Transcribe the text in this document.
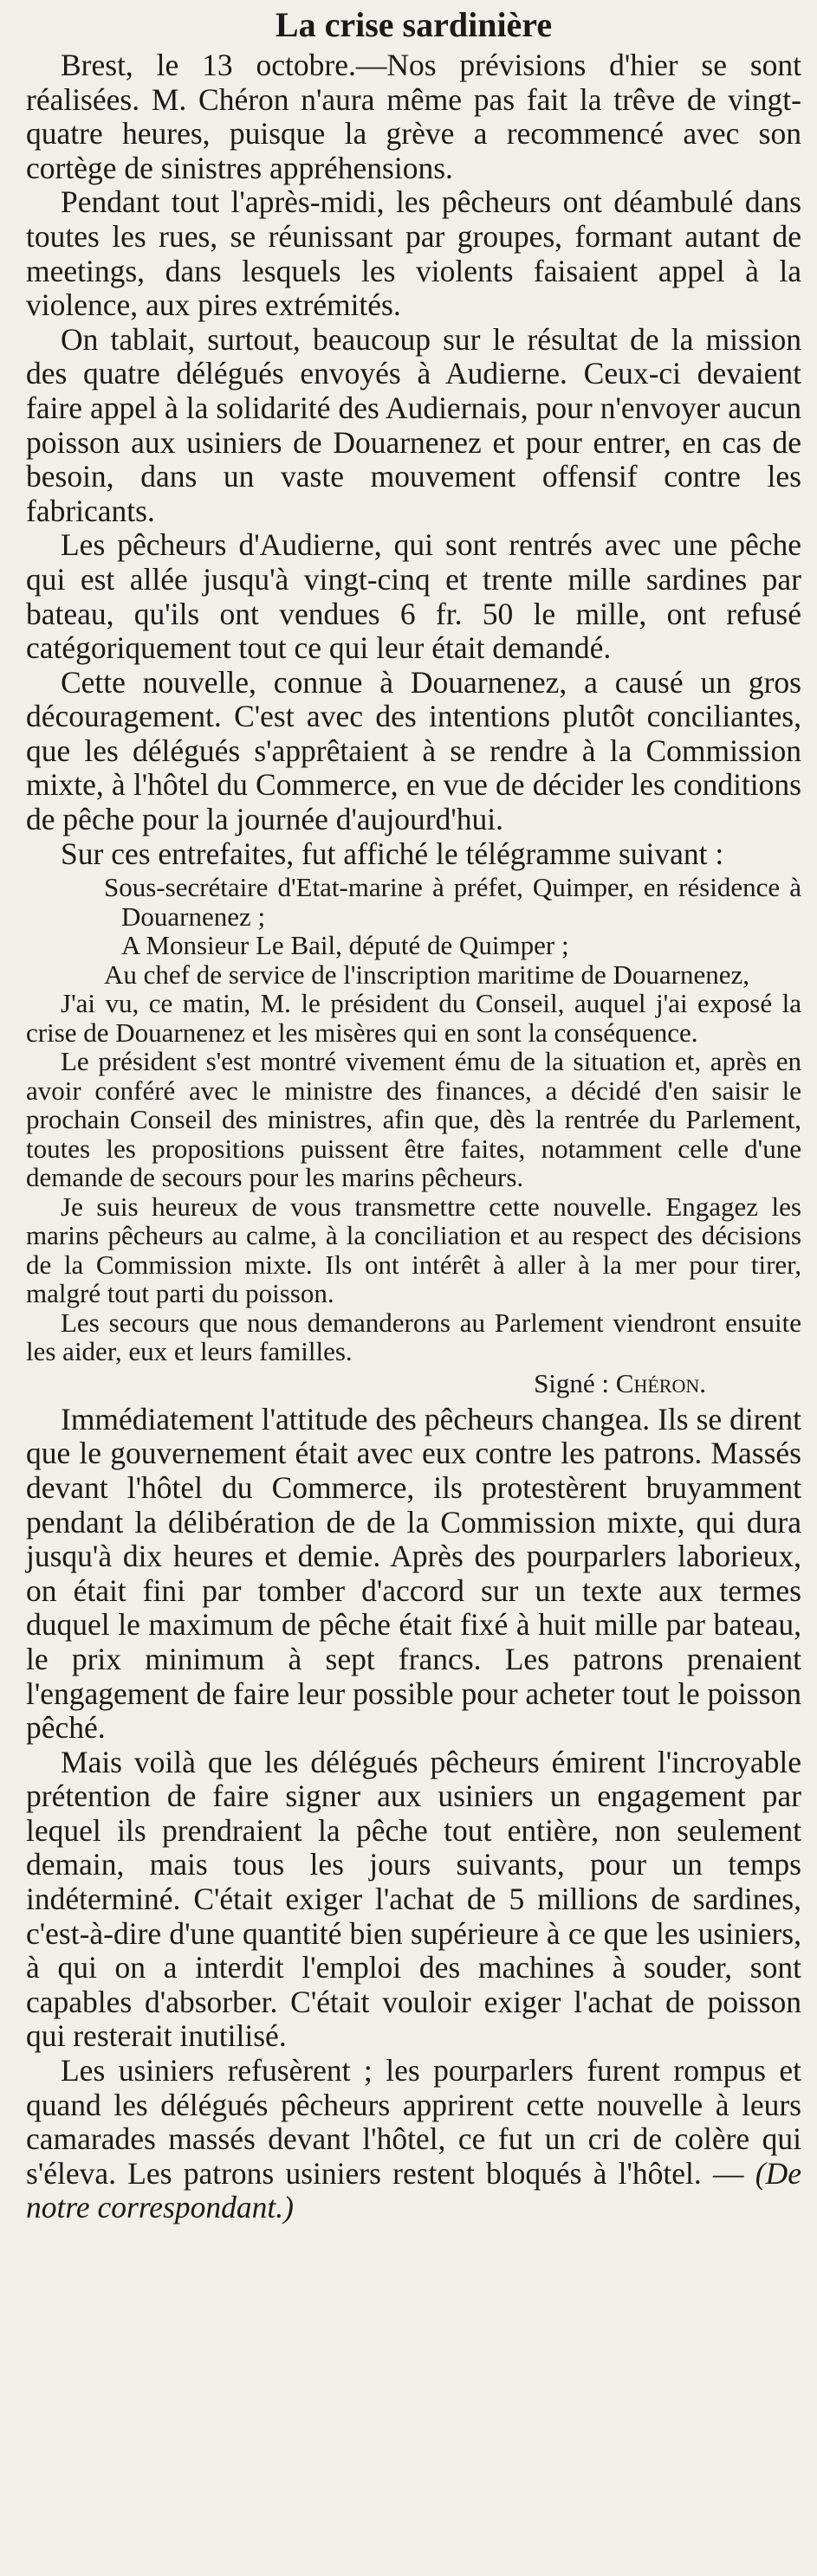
La crise sardinière

Brest, le 13 octobre.—Nos prévisions d'hier se sont réalisées. M. Chéron n'aura même pas fait la trêve de vingt-quatre heures, puisque la grève a recommencé avec son cortège de sinistres appréhensions.

Pendant tout l'après-midi, les pêcheurs ont déambulé dans toutes les rues, se réunissant par groupes, formant autant de meetings, dans lesquels les violents faisaient appel à la violence, aux pires extrémités.

On tablait, surtout, beaucoup sur le résultat de la mission des quatre délégués envoyés à Audierne. Ceux-ci devaient faire appel à la solidarité des Audiernais, pour n'envoyer aucun poisson aux usiniers de Douarnenez et pour entrer, en cas de besoin, dans un vaste mouvement offensif contre les fabricants.

Les pêcheurs d'Audierne, qui sont rentrés avec une pêche qui est allée jusqu'à vingt-cinq et trente mille sardines par bateau, qu'ils ont vendues 6 fr. 50 le mille, ont refusé catégoriquement tout ce qui leur était demandé.

Cette nouvelle, connue à Douarnenez, a causé un gros découragement. C'est avec des intentions plutôt conciliantes, que les délégués s'apprêtaient à se rendre à la Commission mixte, à l'hôtel du Commerce, en vue de décider les conditions de pêche pour la journée d'aujourd'hui.

Sur ces entrefaites, fut affiché le télégramme suivant :

Sous-secrétaire d'Etat-marine à préfet, Quimper, en résidence à Douarnenez ;

A Monsieur Le Bail, député de Quimper ;

Au chef de service de l'inscription maritime de Douarnenez,

J'ai vu, ce matin, M. le président du Conseil, auquel j'ai exposé la crise de Douarnenez et les misères qui en sont la conséquence.

Le président s'est montré vivement ému de la situation et, après en avoir conféré avec le ministre des finances, a décidé d'en saisir le prochain Conseil des ministres, afin que, dès la rentrée du Parlement, toutes les propositions puissent être faites, notamment celle d'une demande de secours pour les marins pêcheurs.

Je suis heureux de vous transmettre cette nouvelle. Engagez les marins pêcheurs au calme, à la conciliation et au respect des décisions de la Commission mixte. Ils ont intérêt à aller à la mer pour tirer, malgré tout parti du poisson.

Les secours que nous demanderons au Parlement viendront ensuite les aider, eux et leurs familles.

Signé : Chéron.

Immédiatement l'attitude des pêcheurs changea. Ils se dirent que le gouvernement était avec eux contre les patrons. Massés devant l'hôtel du Commerce, ils protestèrent bruyamment pendant la délibération de de la Commission mixte, qui dura jusqu'à dix heures et demie. Après des pourparlers laborieux, on était fini par tomber d'accord sur un texte aux termes duquel le maximum de pêche était fixé à huit mille par bateau, le prix minimum à sept francs. Les patrons prenaient l'engagement de faire leur possible pour acheter tout le poisson pêché.

Mais voilà que les délégués pêcheurs émirent l'incroyable prétention de faire signer aux usiniers un engagement par lequel ils prendraient la pêche tout entière, non seulement demain, mais tous les jours suivants, pour un temps indéterminé. C'était exiger l'achat de 5 millions de sardines, c'est-à-dire d'une quantité bien supérieure à ce que les usiniers, à qui on a interdit l'emploi des machines à souder, sont capables d'absorber. C'était vouloir exiger l'achat de poisson qui resterait inutilisé.

Les usiniers refusèrent ; les pourparlers furent rompus et quand les délégués pêcheurs apprirent cette nouvelle à leurs camarades massés devant l'hôtel, ce fut un cri de colère qui s'éleva. Les patrons usiniers restent bloqués à l'hôtel. — (De notre correspondant.)
